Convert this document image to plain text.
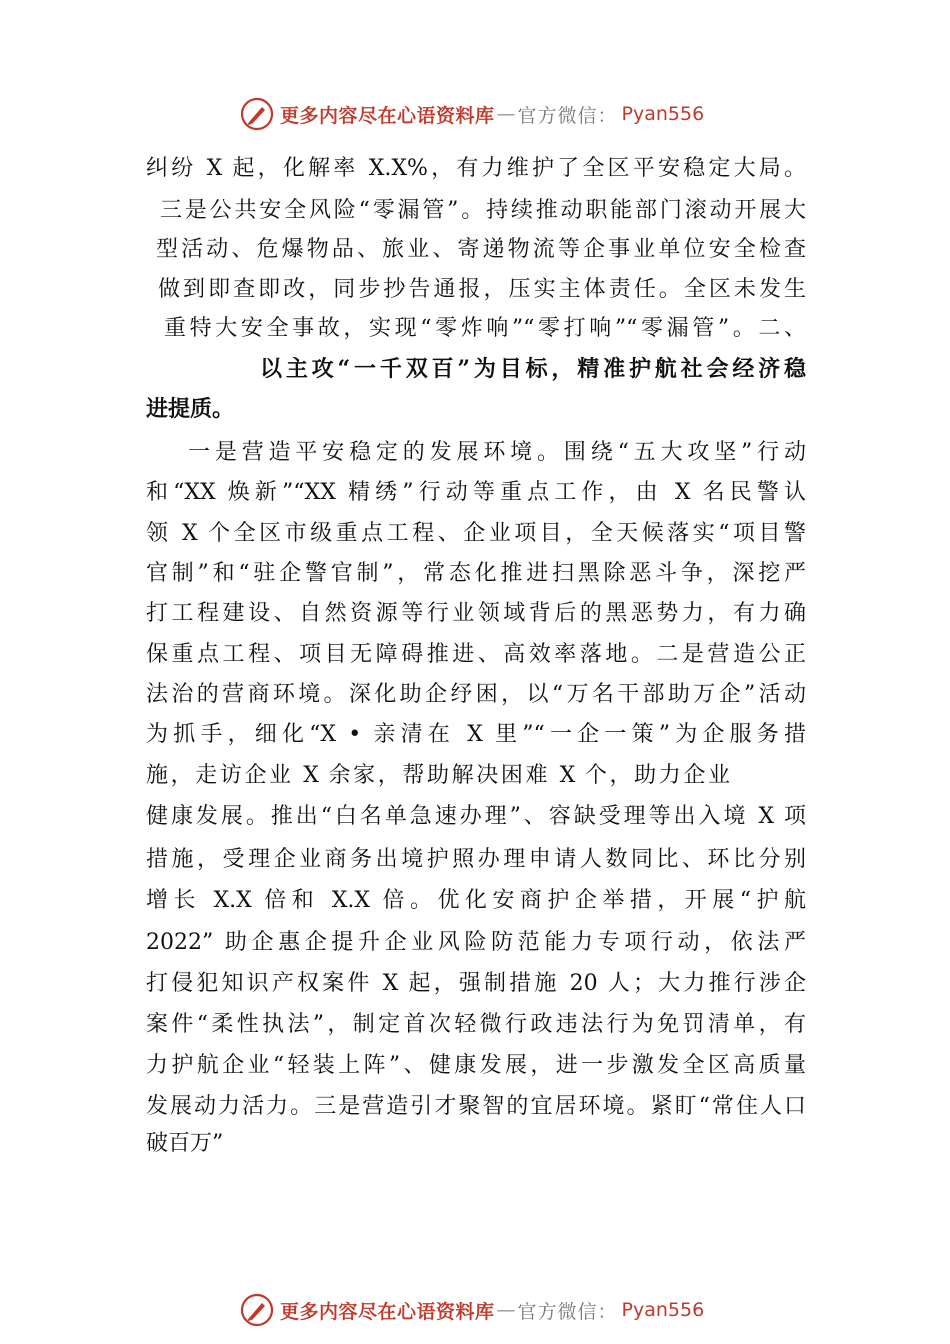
更多内容尽在心语资料库 — 官方微信： Pyan556
纠纷 X 起，化解率 X.X%，有力维护了全区平安稳定大局。
三是公共安全风险“零漏管”。持续推动职能部门滚动开展大
型活动、危爆物品、旅业、寄递物流等企事业单位安全检查
做到即查即改，同步抄告通报，压实主体责任。全区未发生
重特大安全事故，实现“零炸响”“零打响”“零漏管”。二、
以主攻“一千双百”为目标，精准护航社会经济稳
进提质。
一是营造平安稳定的发展环境。围绕“五大攻坚”行动
和“XX 焕新”“XX 精绣”行动等重点工作，由 X 名民警认
领 X 个全区市级重点工程、企业项目，全天候落实“项目警
官制”和“驻企警官制”，常态化推进扫黑除恶斗争，深挖严
打工程建设、自然资源等行业领域背后的黑恶势力，有力确
保重点工程、项目无障碍推进、高效率落地。二是营造公正
法治的营商环境。深化助企纾困，以“万名干部助万企”活动
为抓手，细化“X • 亲清在 X 里”“一企一策”为企服务措
施，走访企业 X 余家，帮助解决困难 X 个，助力企业
健康发展。推出“白名单急速办理”、容缺受理等出入境 X 项
措施，受理企业商务出境护照办理申请人数同比、环比分别
增长 X.X 倍和 X.X 倍。优化安商护企举措，开展“护航
2022” 助企惠企提升企业风险防范能力专项行动，依法严
打侵犯知识产权案件 X 起，强制措施 20 人；大力推行涉企
案件“柔性执法”，制定首次轻微行政违法行为免罚清单，有
力护航企业“轻装上阵”、健康发展，进一步激发全区高质量
发展动力活力。三是营造引才聚智的宜居环境。紧盯“常住人口
破百万”
更多内容尽在心语资料库 — 官方微信： Pyan556
